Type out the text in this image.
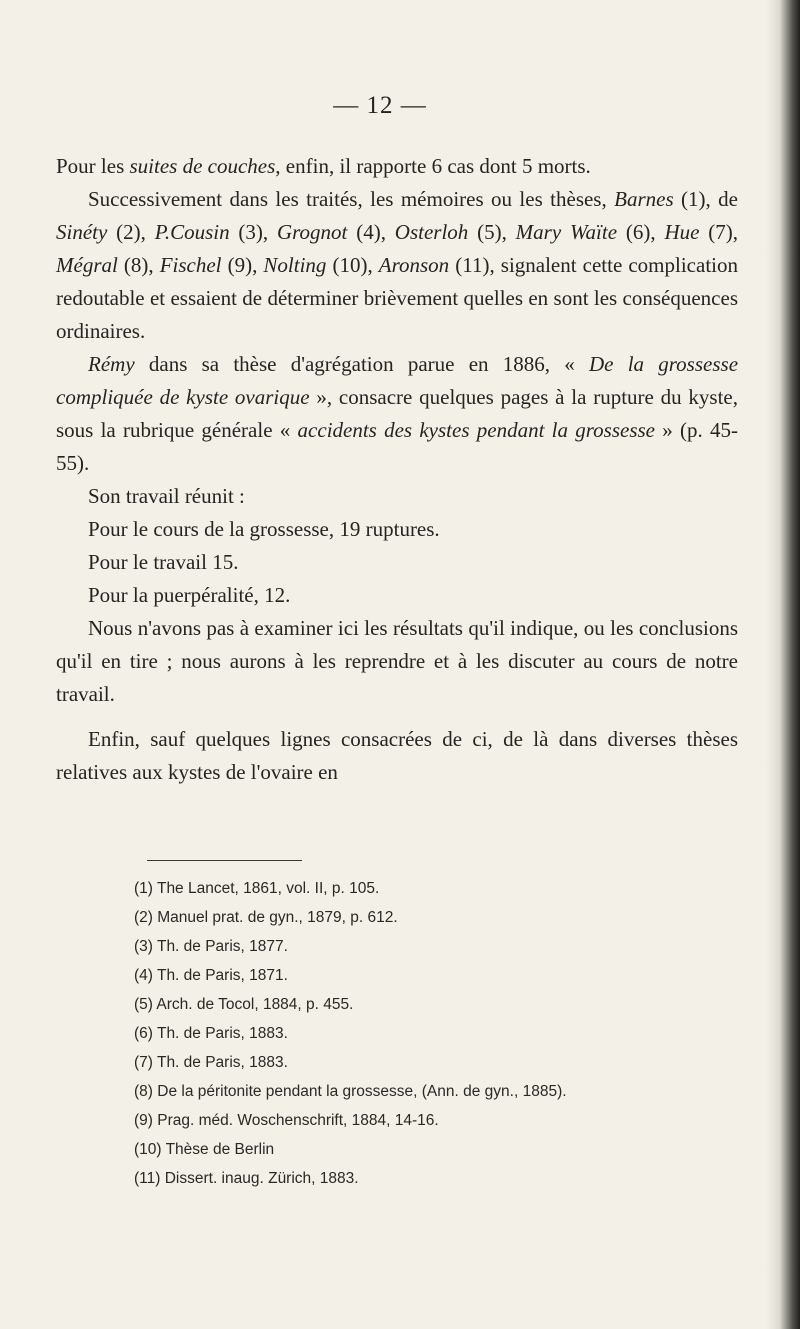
— 12 —

Pour les suites de couches, enfin, il rapporte 6 cas dont 5 morts.

Successivement dans les traités, les mémoires ou les thèses, Barnes (1), de Sinéty (2), P.Cousin (3), Grognot (4), Osterloh (5), Mary Waïte (6), Hue (7), Mégral (8), Fischel (9), Nolting (10), Aronson (11), signalent cette complication redoutable et essaient de déterminer brièvement quelles en sont les conséquences ordinaires.

Rémy dans sa thèse d'agrégation parue en 1886, « De la grossesse compliquée de kyste ovarique », consacre quelques pages à la rupture du kyste, sous la rubrique générale « accidents des kystes pendant la grossesse » (p. 45-55).

Son travail réunit :

Pour le cours de la grossesse, 19 ruptures.

Pour le travail 15.

Pour la puerpéralité, 12.

Nous n'avons pas à examiner ici les résultats qu'il indique, ou les conclusions qu'il en tire ; nous aurons à les reprendre et à les discuter au cours de notre travail.

Enfin, sauf quelques lignes consacrées de ci, de là dans diverses thèses relatives aux kystes de l'ovaire en

(1) The Lancet, 1861, vol. II, p. 105.
(2) Manuel prat. de gyn., 1879, p. 612.
(3) Th. de Paris, 1877.
(4) Th. de Paris, 1871.
(5) Arch. de Tocol, 1884, p. 455.
(6) Th. de Paris, 1883.
(7) Th. de Paris, 1883.
(8) De la péritonite pendant la grossesse, (Ann. de gyn., 1885).
(9) Prag. méd. Woschenschrift, 1884, 14-16.
(10) Thèse de Berlin
(11) Dissert. inaug. Zürich, 1883.
